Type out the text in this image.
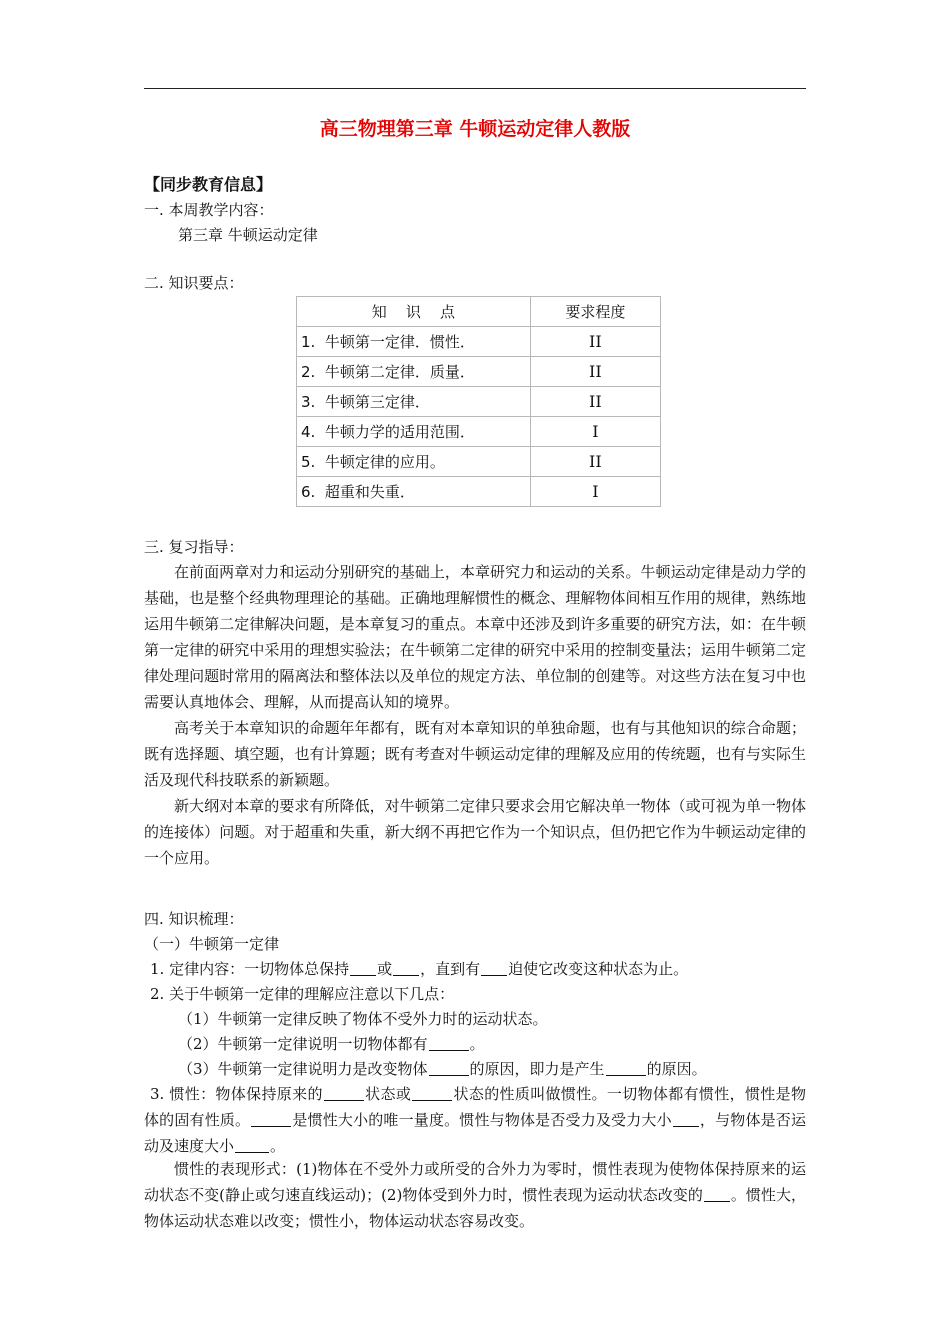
高三物理第三章 牛顿运动定律人教版
【同步教育信息】
一. 本周教学内容：
第三章 牛顿运动定律
二. 知识要点：
知    识    点	要求程度
1.  牛顿第一定律．惯性．	II
2.  牛顿第二定律．质量．	II
3.  牛顿第三定律．	II
4.  牛顿力学的适用范围．	I
5.  牛顿定律的应用。	II
6.  超重和失重．	I
三. 复习指导：

在前面两章对力和运动分别研究的基础上，本章研究力和运动的关系。牛顿运动定律是动力学的基础，也是整个经典物理理论的基础。正确地理解惯性的概念、理解物体间相互作用的规律，熟练地运用牛顿第二定律解决问题，是本章复习的重点。本章中还涉及到许多重要的研究方法，如：在牛顿第一定律的研究中采用的理想实验法；在牛顿第二定律的研究中采用的控制变量法；运用牛顿第二定律处理问题时常用的隔离法和整体法以及单位的规定方法、单位制的创建等。对这些方法在复习中也需要认真地体会、理解，从而提高认知的境界。

高考关于本章知识的命题年年都有，既有对本章知识的单独命题，也有与其他知识的综合命题；既有选择题、填空题，也有计算题；既有考查对牛顿运动定律的理解及应用的传统题，也有与实际生活及现代科技联系的新颖题。

新大纲对本章的要求有所降低，对牛顿第二定律只要求会用它解决单一物体（或可视为单一物体的连接体）问题。对于超重和失重，新大纲不再把它作为一个知识点，但仍把它作为牛顿运动定律的一个应用。

四. 知识梳理：
（一）牛顿第一定律
1. 定律内容：一切物体总保持 或 ，直到有 迫使它改变这种状态为止。
2. 关于牛顿第一定律的理解应注意以下几点：
（1）牛顿第一定律反映了物体不受外力时的运动状态。
（2）牛顿第一定律说明一切物体都有	。
（3）牛顿第一定律说明力是改变物体	的原因，即力是产生	的原因。

3. 惯性：物体保持原来的	状态或	状态的性质叫做惯性。一切物体都有惯性，惯性是物体的固有性质。	是惯性大小的唯一量度。惯性与物体是否受力及受力大小 ，与物体是否运动及速度大小 。

惯性的表现形式：(1)物体在不受外力或所受的合外力为零时，惯性表现为使物体保持原来的运动状态不变(静止或匀速直线运动)；(2)物体受到外力时，惯性表现为运动状态改变的 。惯性大，物体运动状态难以改变；惯性小，物体运动状态容易改变。
